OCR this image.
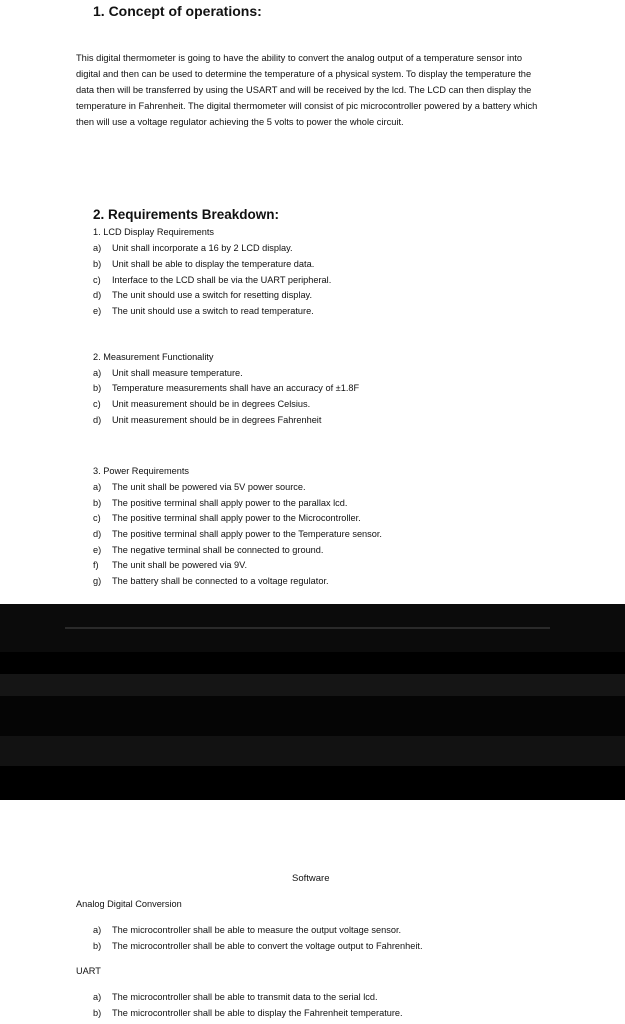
1. Concept of operations:

This digital thermometer is going to have the ability to convert the analog output of a temperature sensor into digital and then can be used to determine the temperature of a physical system. To display the temperature the data then will be transferred by using the USART and will be received by the lcd. The LCD can then display the temperature in Fahrenheit. The digital thermometer will consist of pic microcontroller powered by a battery which then will use a voltage regulator achieving the 5 volts to power the whole circuit.

2. Requirements Breakdown:
1. LCD Display Requirements
a) Unit shall incorporate a 16 by 2 LCD display.
b) Unit shall be able to display the temperature data.
c) Interface to the LCD shall be via the UART peripheral.
d) The unit should use a switch for resetting display.
e) The unit should use a switch to read temperature.
2. Measurement Functionality
a) Unit shall measure temperature.
b) Temperature measurements shall have an accuracy of ±1.8F
c) Unit measurement should be in degrees Celsius.
d) Unit measurement should be in degrees Fahrenheit
3. Power Requirements
a) The unit shall be powered via 5V power source.
b) The positive terminal shall apply power to the parallax lcd.
c) The positive terminal shall apply power to the Microcontroller.
d) The positive terminal shall apply power to the Temperature sensor.
e) The negative terminal shall be connected to ground.
f) The unit shall be powered via 9V.
g) The battery shall be connected to a voltage regulator.
Software
Analog Digital Conversion
a) The microcontroller shall be able to measure the output voltage sensor.
b) The microcontroller shall be able to convert the voltage output to Fahrenheit.
UART
a) The microcontroller shall be able to transmit data to the serial lcd.
b) The microcontroller shall be able to display the Fahrenheit temperature.
